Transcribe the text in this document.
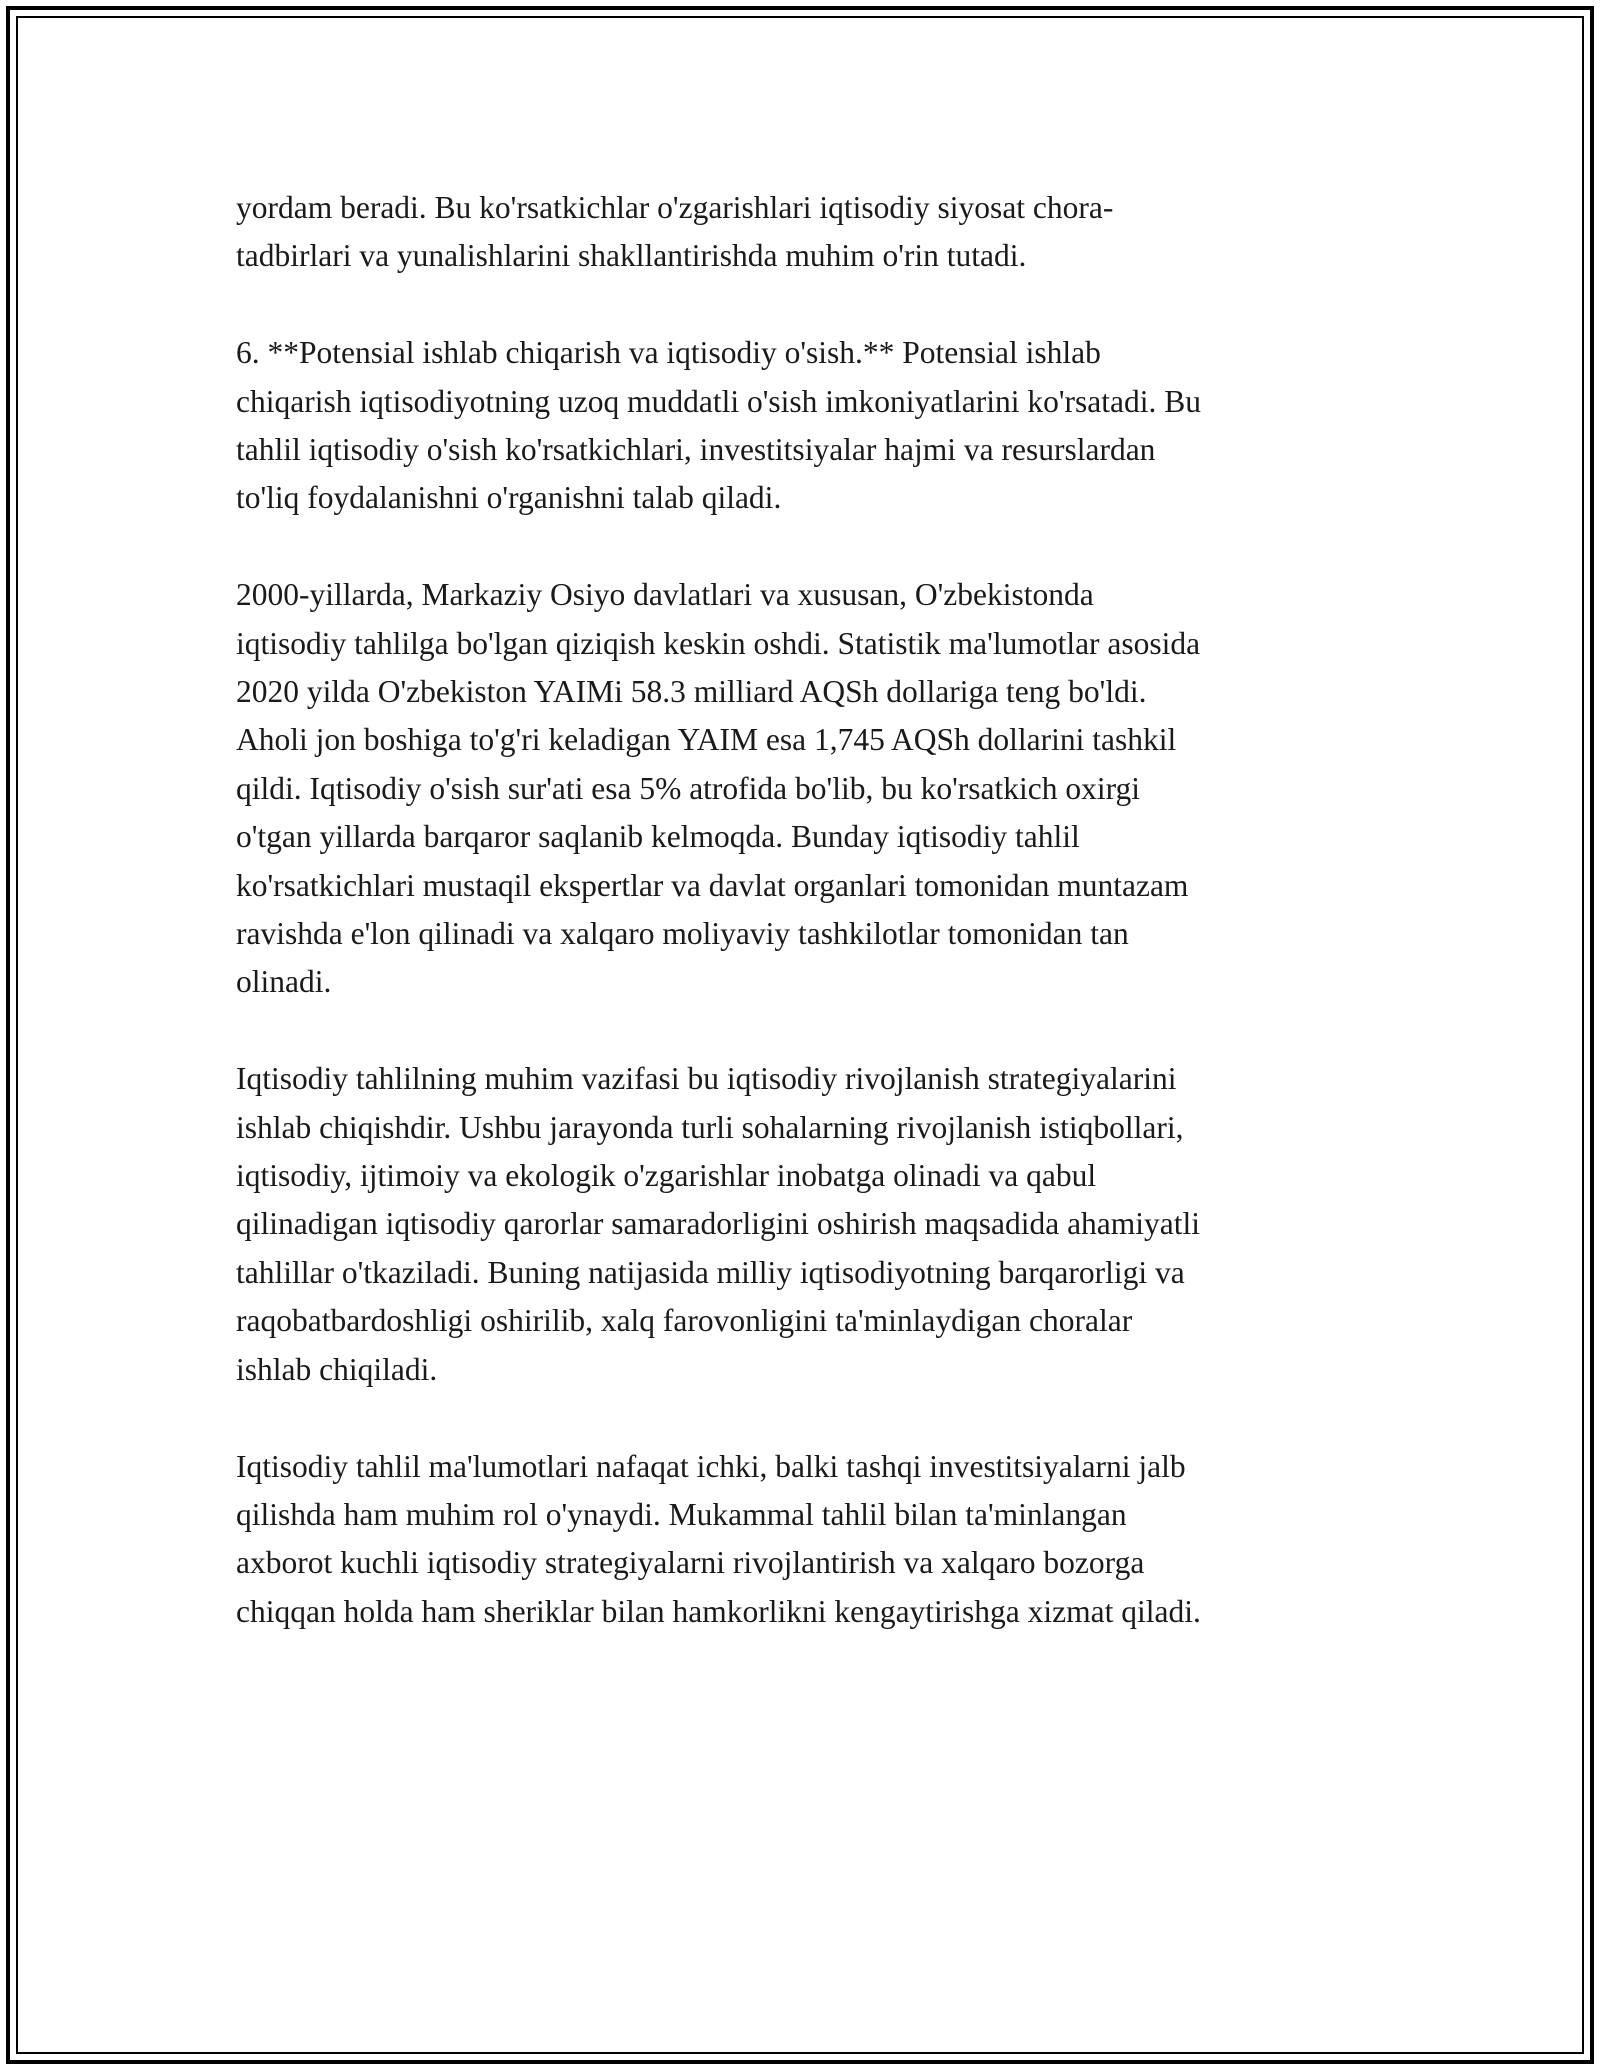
yordam beradi. Bu ko'rsatkichlar o'zgarishlari iqtisodiy siyosat chora-
tadbirlari va yunalishlarini shakllantirishda muhim o'rin tutadi.

6. **Potensial ishlab chiqarish va iqtisodiy o'sish.** Potensial ishlab
chiqarish iqtisodiyotning uzoq muddatli o'sish imkoniyatlarini ko'rsatadi. Bu
tahlil iqtisodiy o'sish ko'rsatkichlari, investitsiyalar hajmi va resurslardan
to'liq foydalanishni o'rganishni talab qiladi.

2000-yillarda, Markaziy Osiyo davlatlari va xususan, O'zbekistonda
iqtisodiy tahlilga bo'lgan qiziqish keskin oshdi. Statistik ma'lumotlar asosida
2020 yilda O'zbekiston YAIMi 58.3 milliard AQSh dollariga teng bo'ldi.
Aholi jon boshiga to'g'ri keladigan YAIM esa 1,745 AQSh dollarini tashkil
qildi. Iqtisodiy o'sish sur'ati esa 5% atrofida bo'lib, bu ko'rsatkich oxirgi
o'tgan yillarda barqaror saqlanib kelmoqda. Bunday iqtisodiy tahlil
ko'rsatkichlari mustaqil ekspertlar va davlat organlari tomonidan muntazam
ravishda e'lon qilinadi va xalqaro moliyaviy tashkilotlar tomonidan tan
olinadi.

Iqtisodiy tahlilning muhim vazifasi bu iqtisodiy rivojlanish strategiyalarini
ishlab chiqishdir. Ushbu jarayonda turli sohalarning rivojlanish istiqbollari,
iqtisodiy, ijtimoiy va ekologik o'zgarishlar inobatga olinadi va qabul
qilinadigan iqtisodiy qarorlar samaradorligini oshirish maqsadida ahamiyatli
tahlillar o'tkaziladi. Buning natijasida milliy iqtisodiyotning barqarorligi va
raqobatbardoshligi oshirilib, xalq farovonligini ta'minlaydigan choralar
ishlab chiqiladi.

Iqtisodiy tahlil ma'lumotlari nafaqat ichki, balki tashqi investitsiyalarni jalb
qilishda ham muhim rol o'ynaydi. Mukammal tahlil bilan ta'minlangan
axborot kuchli iqtisodiy strategiyalarni rivojlantirish va xalqaro bozorga
chiqqan holda ham sheriklar bilan hamkorlikni kengaytirishga xizmat qiladi.
